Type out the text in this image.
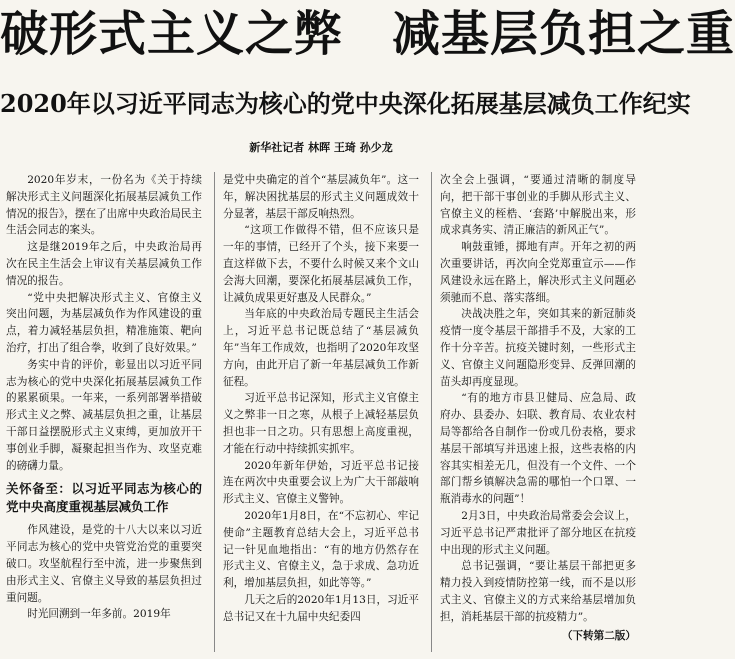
破形式主义之弊　减基层负担之重
2020年以习近平同志为核心的党中央深化拓展基层减负工作纪实
新华社记者 林晖 王琦 孙少龙

2020年岁末，一份名为《关于持续解决形式主义问题深化拓展基层减负工作情况的报告》，摆在了出席中央政治局民主生活会同志的案头。

这是继2019年之后，中央政治局再次在民主生活会上审议有关基层减负工作情况的报告。

“党中央把解决形式主义、官僚主义突出问题，为基层减负作为作风建设的重点，着力减轻基层负担，精准施策、靶向治疗，打出了组合拳，收到了良好效果。”

务实中肯的评价，彰显出以习近平同志为核心的党中央深化拓展基层减负工作的累累硕果。一年来，一系列部署举措破形式主义之弊、减基层负担之重，让基层干部日益摆脱形式主义束缚，更加放开干事创业手脚，凝聚起担当作为、攻坚克难的磅礴力量。

关怀备至：以习近平同志为核心的党中央高度重视基层减负工作

作风建设，是党的十八大以来以习近平同志为核心的党中央管党治党的重要突破口。攻坚航程行至中流，进一步聚焦到由形式主义、官僚主义导致的基层负担过重问题。

时光回溯到一年多前。2019年

是党中央确定的首个“基层减负年”。这一年，解决困扰基层的形式主义问题成效十分显著，基层干部反响热烈。

“这项工作做得不错，但不应该只是一年的事情，已经开了个头，接下来要一直这样做下去，不要什么时候又来个文山会海大回潮，要深化拓展基层减负工作，让减负成果更好惠及人民群众。”

当年底的中央政治局专题民主生活会上，习近平总书记既总结了“基层减负年”当年工作成效，也指明了2020年攻坚方向，由此开启了新一年基层减负工作新征程。

习近平总书记深知，形式主义官僚主义之弊非一日之寒，从根子上减轻基层负担也非一日之功。只有思想上高度重视，才能在行动中持续抓实抓牢。

2020年新年伊始，习近平总书记接连在两次中央重要会议上为广大干部敲响形式主义、官僚主义警钟。

2020年1月8日，在“不忘初心、牢记使命”主题教育总结大会上，习近平总书记一针见血地指出：“有的地方仍然存在形式主义、官僚主义，急于求成、急功近利，增加基层负担，如此等等。”

几天之后的2020年1月13日，习近平总书记又在十九届中央纪委四

次全会上强调，“要通过清晰的制度导向，把干部干事创业的手脚从形式主义、官僚主义的桎梏、‘套路’中解脱出来，形成求真务实、清正廉洁的新风正气”。

响鼓重锤，掷地有声。开年之初的两次重要讲话，再次向全党郑重宣示——作风建设永远在路上，解决形式主义问题必须驰而不息、落实落细。

决战决胜之年，突如其来的新冠肺炎疫情一度令基层干部措手不及，大家的工作十分辛苦。抗疫关键时刻，一些形式主义、官僚主义问题隐形变异、反弹回潮的苗头却再度显现。

“有的地方市县卫健局、应急局、政府办、县委办、妇联、教育局、农业农村局等都给各自制作一份或几份表格，要求基层干部填写并迅速上报，这些表格的内容其实相差无几，但没有一个文件、一个部门帮乡镇解决急需的哪怕一个口罩、一瓶消毒水的问题”！

2月3日，中央政治局常委会会议上，习近平总书记严肃批评了部分地区在抗疫中出现的形式主义问题。

总书记强调，“要让基层干部把更多精力投入到疫情防控第一线，而不是以形式主义、官僚主义的方式来给基层增加负担，消耗基层干部的抗疫精力”。

（下转第二版）
